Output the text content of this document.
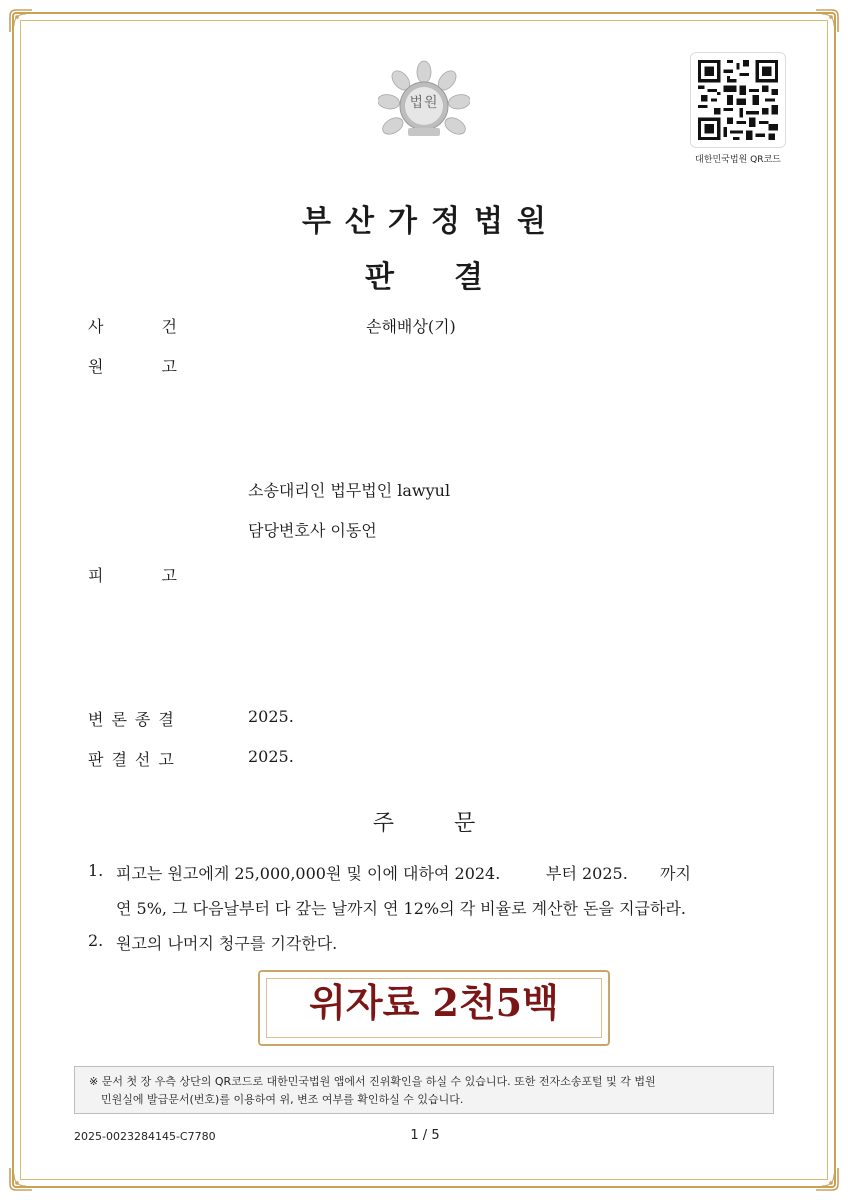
법원
대한민국법원 QR코드
부산가정법원
판결
사건	손해배상(기)
원고
소송대리인 법무법인 lawyul
담당변호사 이동언
피고
변론종결	2025.
판결선고	2025.
주문
1. 피고는 원고에게 25,000,000원 및 이에 대하여 2024.	부터 2025. 까지
연 5%, 그 다음날부터 다 갚는 날까지 연 12%의 각 비율로 계산한 돈을 지급하라.
2. 원고의 나머지 청구를 기각한다.
위자료 2천5백
※ 문서 첫 장 우측 상단의 QR코드로 대한민국법원 앱에서 진위확인을 하실 수 있습니다. 또한 전자소송포털 및 각 법원
민원실에 발급문서(번호)를 이용하여 위, 변조 여부를 확인하실 수 있습니다.
2025-0023284145-C7780	1 / 5
